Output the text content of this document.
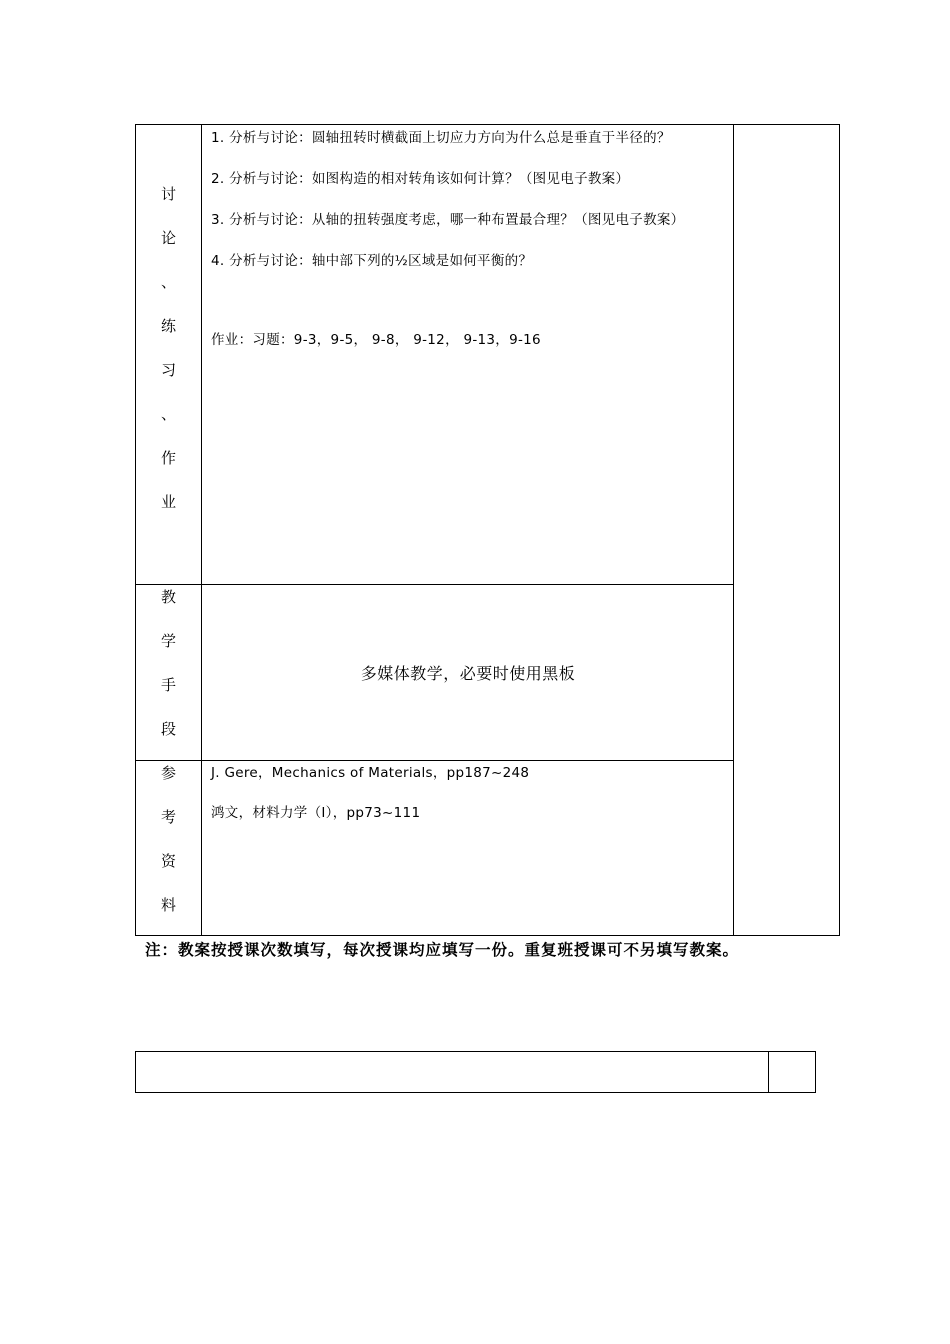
讨
论
、
练
习
、
作
业

1. 分析与讨论：圆轴扭转时横截面上切应力方向为什么总是垂直于半径的？

2. 分析与讨论：如图构造的相对转角该如何计算？（图见电子教案）

3. 分析与讨论：从轴的扭转强度考虑，哪一种布置最合理？（图见电子教案）

4. 分析与讨论：轴中部下列的½区域是如何平衡的？

作业：习题：9-3，9-5， 9-8， 9-12， 9-13，9-16

教
学
手
段
多媒体教学，必要时使用黑板
参
考
资
料

J. Gere，Mechanics of Materials，pp187~248

鸿文，材料力学（Ⅰ），pp73~111

注：教案按授课次数填写，每次授课均应填写一份。重复班授课可不另填写教案。
